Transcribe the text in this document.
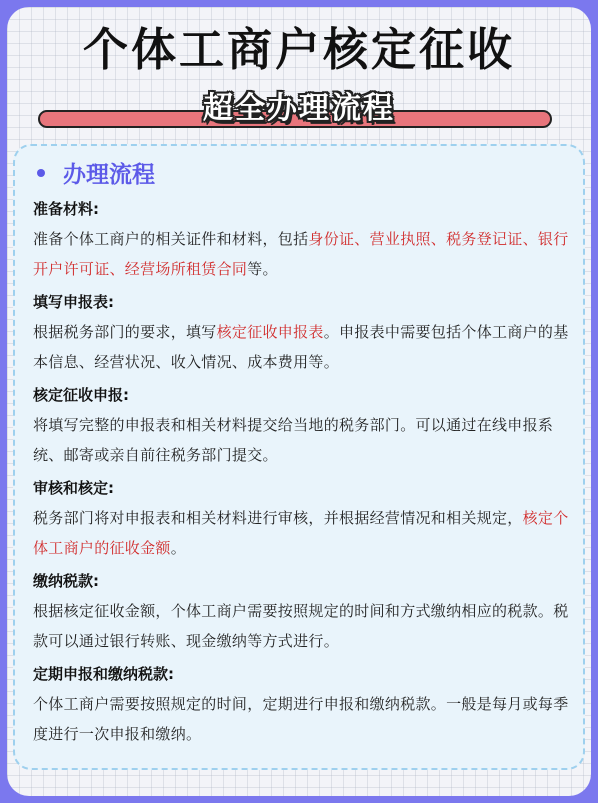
个体工商户核定征收
超全办理流程
办理流程
准备材料:
准备个体工商户的相关证件和材料，包括身份证、营业执照、税务登记证、银行开户许可证、经营场所租赁合同等。
填写申报表:
根据税务部门的要求，填写核定征收申报表。申报表中需要包括个体工商户的基本信息、经营状况、收入情况、成本费用等。
核定征收申报:
将填写完整的申报表和相关材料提交给当地的税务部门。可以通过在线申报系统、邮寄或亲自前往税务部门提交。
审核和核定:
税务部门将对申报表和相关材料进行审核，并根据经营情况和相关规定，核定个体工商户的征收金额。
缴纳税款:
根据核定征收金额，个体工商户需要按照规定的时间和方式缴纳相应的税款。税款可以通过银行转账、现金缴纳等方式进行。
定期申报和缴纳税款:
个体工商户需要按照规定的时间，定期进行申报和缴纳税款。一般是每月或每季度进行一次申报和缴纳。
